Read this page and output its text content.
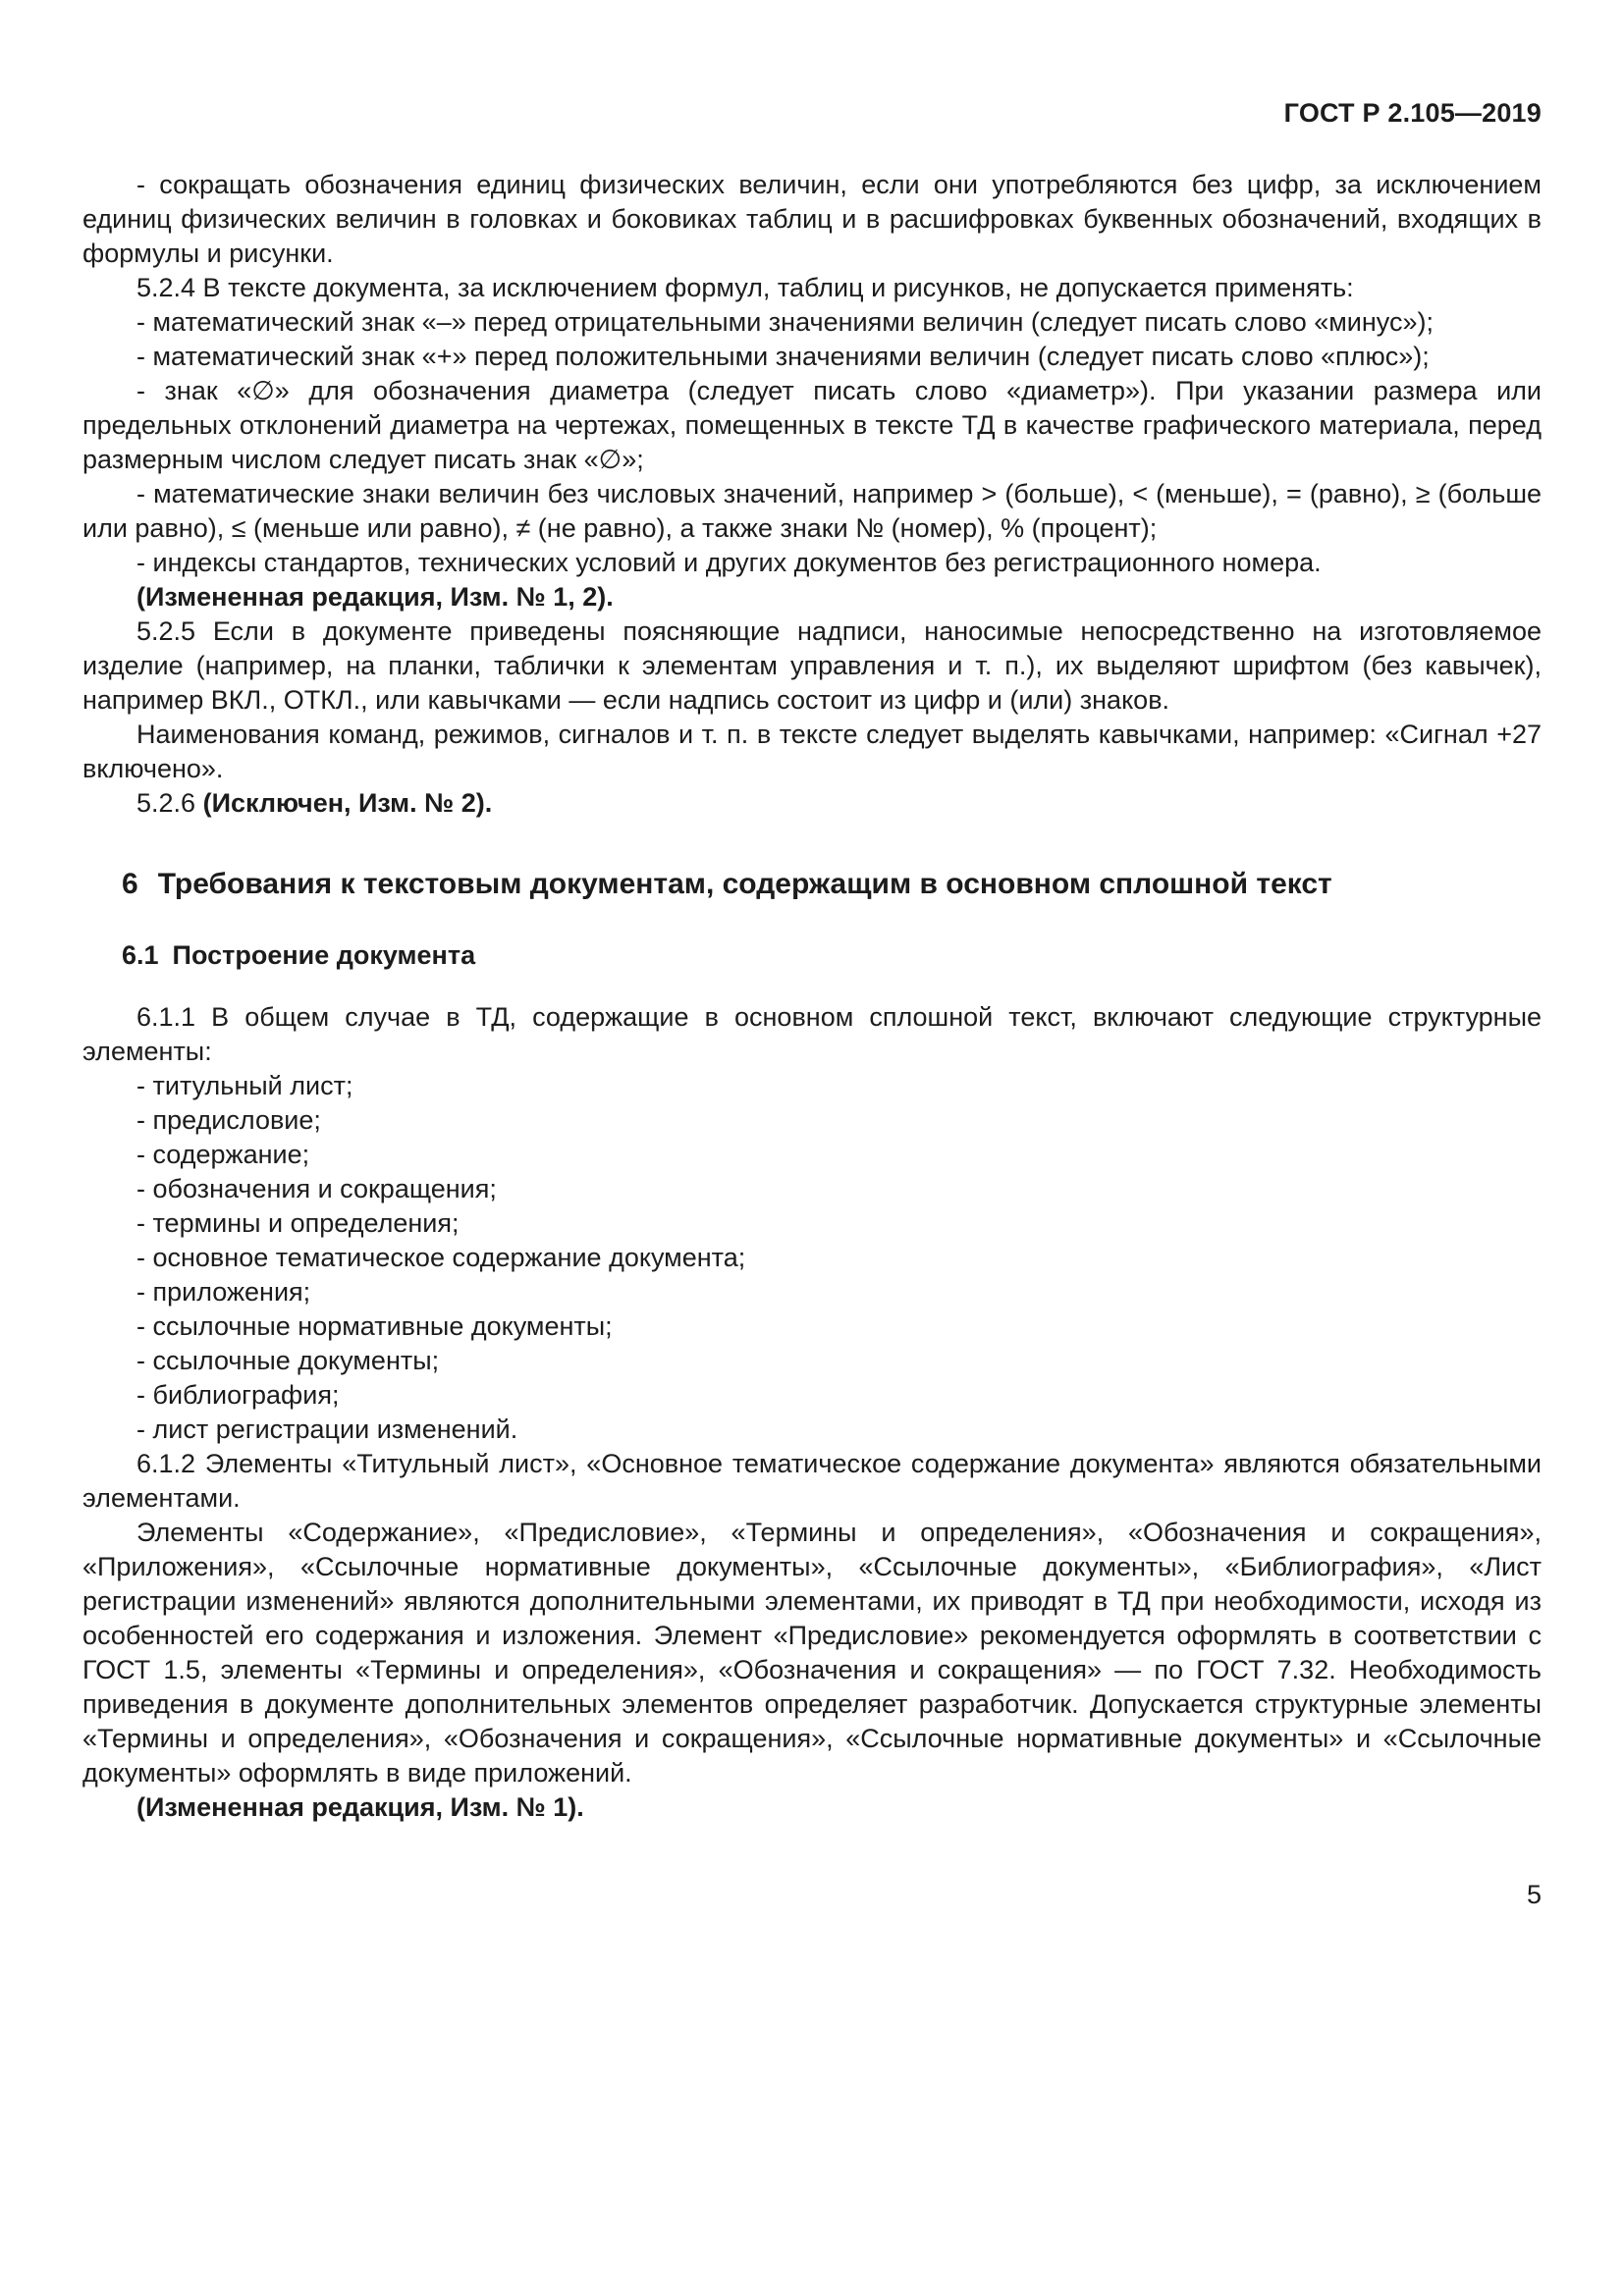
ГОСТ Р 2.105—2019

- сокращать обозначения единиц физических величин, если они употребляются без цифр, за исключением единиц физических величин в головках и боковиках таблиц и в расшифровках буквенных обозначений, входящих в формулы и рисунки.

5.2.4 В тексте документа, за исключением формул, таблиц и рисунков, не допускается применять:

- математический знак «–» перед отрицательными значениями величин (следует писать слово «минус»);

- математический знак «+» перед положительными значениями величин (следует писать слово «плюс»);

- знак «∅» для обозначения диаметра (следует писать слово «диаметр»). При указании размера или предельных отклонений диаметра на чертежах, помещенных в тексте ТД в качестве графического материала, перед размерным числом следует писать знак «∅»;

- математические знаки величин без числовых значений, например > (больше), < (меньше), = (равно), ≥ (больше или равно), ≤ (меньше или равно), ≠ (не равно), а также знаки № (номер), % (процент);

- индексы стандартов, технических условий и других документов без регистрационного номера.

(Измененная редакция, Изм. № 1, 2).

5.2.5 Если в документе приведены поясняющие надписи, наносимые непосредственно на изготовляемое изделие (например, на планки, таблички к элементам управления и т. п.), их выделяют шрифтом (без кавычек), например ВКЛ., ОТКЛ., или кавычками — если надпись состоит из цифр и (или) знаков.

Наименования команд, режимов, сигналов и т. п. в тексте следует выделять кавычками, например: «Сигнал +27 включено».

5.2.6 (Исключен, Изм. № 2).

6 Требования к текстовым документам, содержащим в основном сплошной текст
6.1 Построение документа

6.1.1 В общем случае в ТД, содержащие в основном сплошной текст, включают следующие структурные элементы:

- титульный лист;

- предисловие;

- содержание;

- обозначения и сокращения;

- термины и определения;

- основное тематическое содержание документа;

- приложения;

- ссылочные нормативные документы;

- ссылочные документы;

- библиография;

- лист регистрации изменений.

6.1.2 Элементы «Титульный лист», «Основное тематическое содержание документа» являются обязательными элементами.

Элементы «Содержание», «Предисловие», «Термины и определения», «Обозначения и сокращения», «Приложения», «Ссылочные нормативные документы», «Ссылочные документы», «Библиография», «Лист регистрации изменений» являются дополнительными элементами, их приводят в ТД при необходимости, исходя из особенностей его содержания и изложения. Элемент «Предисловие» рекомендуется оформлять в соответствии с ГОСТ 1.5, элементы «Термины и определения», «Обозначения и сокращения» — по ГОСТ 7.32. Необходимость приведения в документе дополнительных элементов определяет разработчик. Допускается структурные элементы «Термины и определения», «Обозначения и сокращения», «Ссылочные нормативные документы» и «Ссылочные документы» оформлять в виде приложений.

(Измененная редакция, Изм. № 1).

5
